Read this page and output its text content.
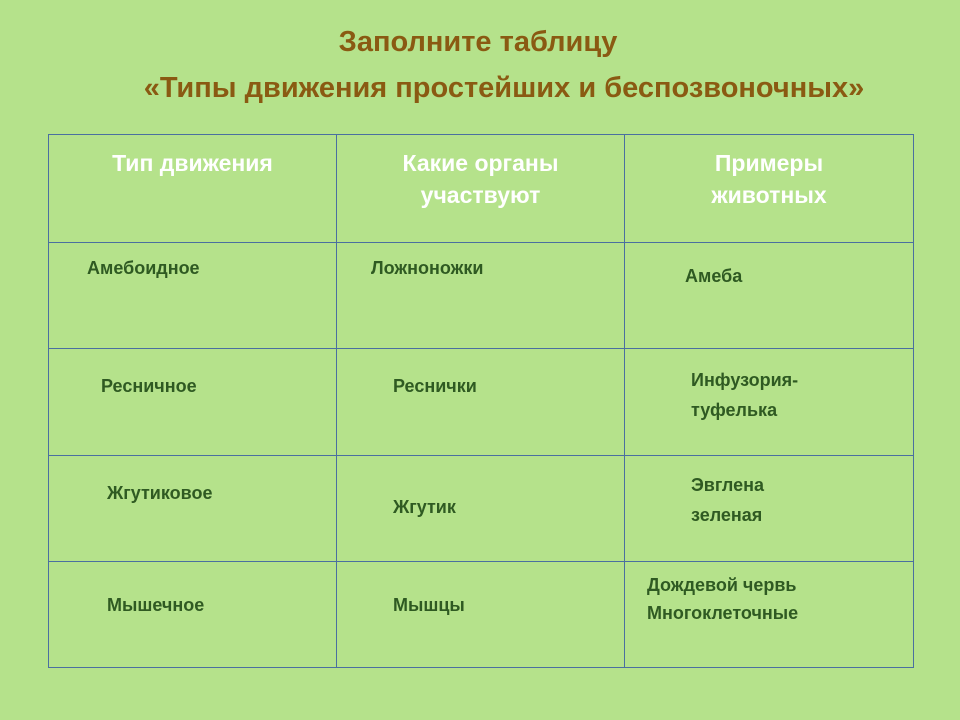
Заполните таблицу
«Типы движения простейших и беспозвоночных»
Тип движения	Какие органы участвуют	Примеры животных

Амебоидное	Ложноножки	Амеба

Ресничное	Реснички	Инфузория-
туфелька

Жгутиковое	Жгутик	Эвглена
зеленая

Мышечное	Мышцы	Дождевой червь
Многоклеточные
